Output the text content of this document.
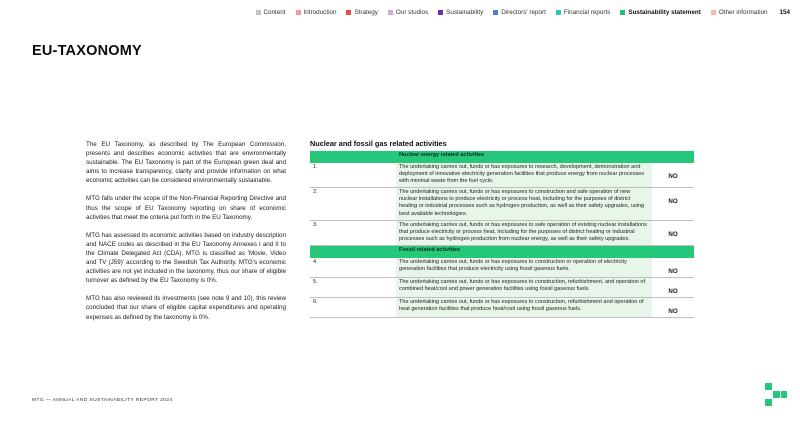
Content	Introduction	Strategy	Our studios	Sustainability	Directors' report	Financial reports	Sustainability statement	Other information 154
EU-TAXONOMY

The EU Taxonomy, as described by The European Commission, presents and describes economic activities that are environmentally sustainable. The EU Taxonomy is part of the European green deal and aims to increase transparency, clarity and provide information on what economic activities can be considered environmentally sustainable.

MTG falls under the scope of the Non-Financial Reporting Directive and thus the scope of EU Taxonomy reporting on share of economic activities that meet the criteria put forth in the EU Taxonomy.

MTG has assessed its economic activities based on industry description and NACE codes as described in the EU Taxonomy Annexes I and II to the Climate Delegated Act (CDA). MTG is classified as 'Movie, Video and TV (J59)' according to the Swedish Tax Authority. MTG's economic activities are not yet included in the taxonomy, thus our share of eligible turnover as defined by the EU Taxonomy is 0%.

MTG has also reviewed its investments (see note 9 and 10), this review concluded that our share of eligible capital expenditures and operating expenses as defined by the taxonomy is 0%.

Nuclear and fossil gas related activities
	Nuclear energy related activities	
1.	The undertaking carries out, funds or has exposures to research, development, demonstration and deployment of innovative electricity generation facilities that produce energy from nuclear processes with minimal waste from the fuel cycle.	NO
2.	The undertaking carries out, funds or has exposures to construction and safe operation of new nuclear installations to produce electricity or process heat, including for the purposes of district heating or industrial processes such as hydrogen production, as well as their safety upgrades, using best available technologies.	NO
3.	The undertaking carries out, funds or has exposures to safe operation of existing nuclear installations that produce electricity or process heat, including for the purposes of district heating or industrial processes such as hydrogen production from nuclear energy, as well as their safety upgrades.	NO
	Fossil related activities	
4.	The undertaking carries out, funds or has exposures to construction or operation of electricity generation facilities that produce electricity using fossil gaseous fuels.	NO
5.	The undertaking carries out, funds or has exposures to construction, refurbishment, and operation of combined heat/cool and power generation facilities using fossil gaseous fuels.	NO
6.	The undertaking carries out, funds or has exposures to construction, refurbishment and operation of heat generation facilities that produce heat/cool using fossil gaseous fuels.	NO
MTG — ANNUAL AND SUSTAINABILITY REPORT 2024
